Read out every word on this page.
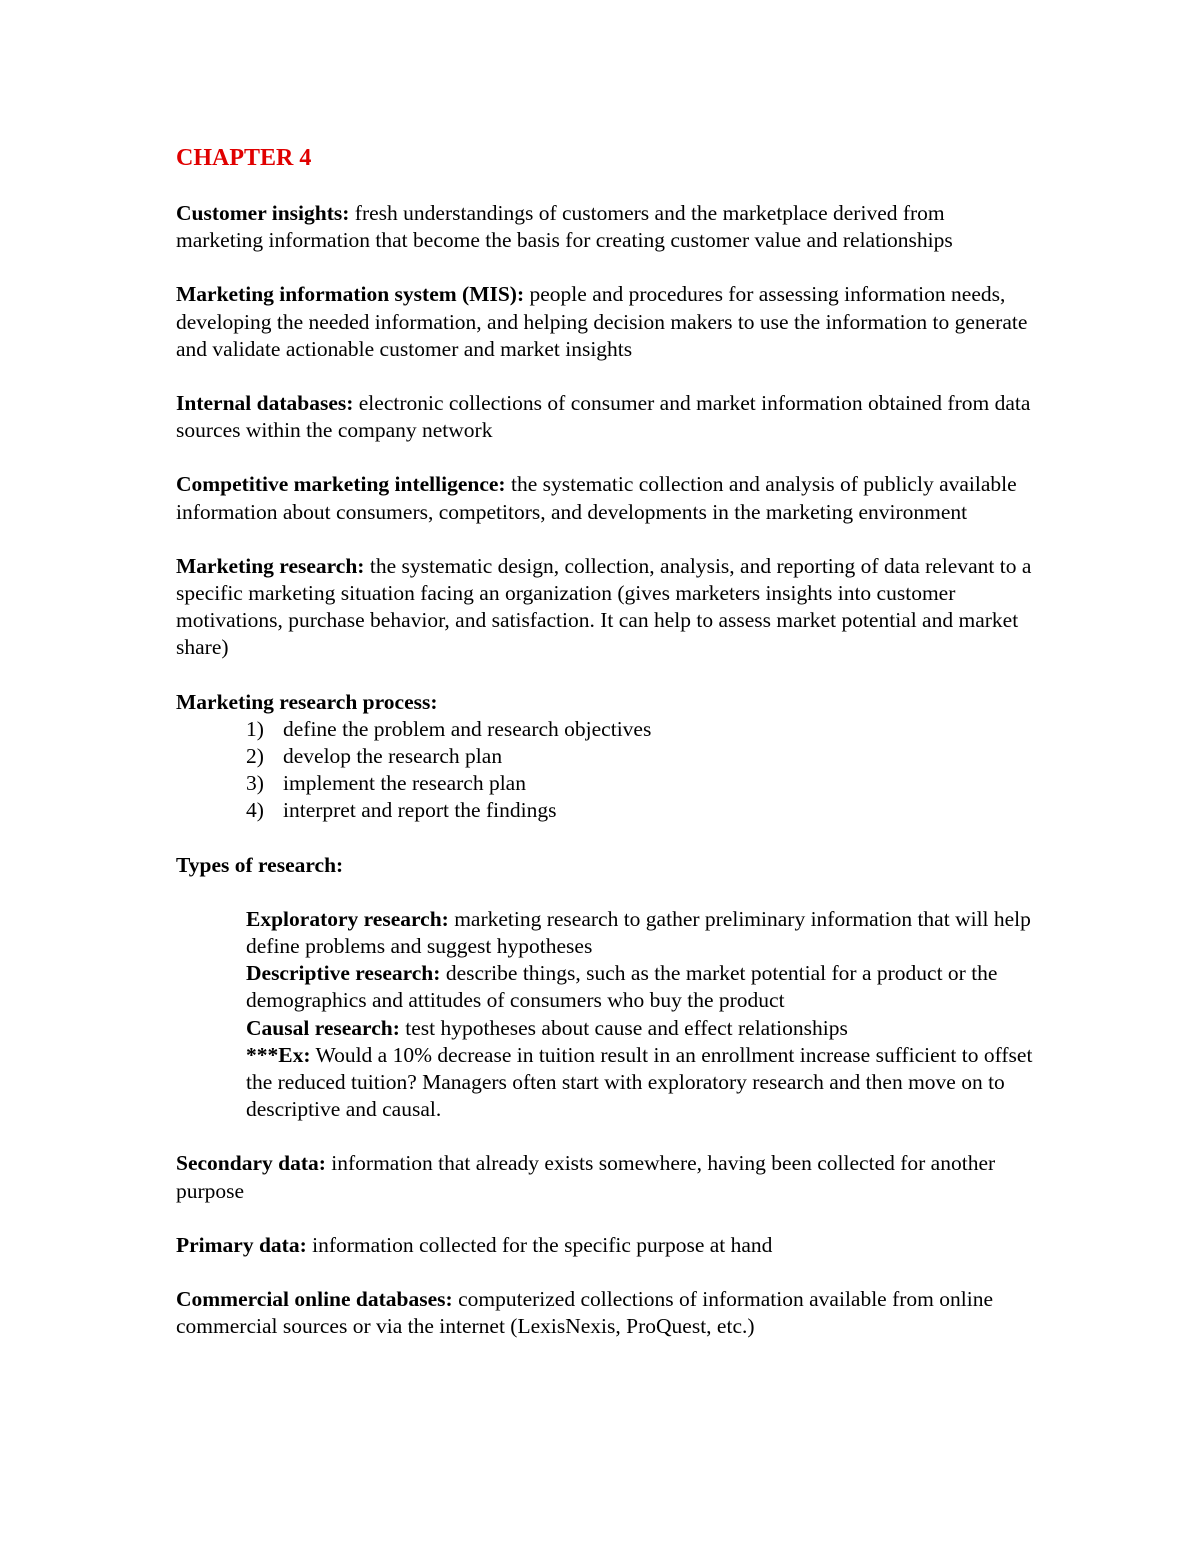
CHAPTER 4

Customer insights: fresh understandings of customers and the marketplace derived from marketing information that become the basis for creating customer value and relationships

Marketing information system (MIS): people and procedures for assessing information needs, developing the needed information, and helping decision makers to use the information to generate and validate actionable customer and market insights

Internal databases: electronic collections of consumer and market information obtained from data sources within the company network

Competitive marketing intelligence: the systematic collection and analysis of publicly available information about consumers, competitors, and developments in the marketing environment

Marketing research: the systematic design, collection, analysis, and reporting of data relevant to a specific marketing situation facing an organization (gives marketers insights into customer motivations, purchase behavior, and satisfaction. It can help to assess market potential and market share)

Marketing research process:
1) define the problem and research objectives
2) develop the research plan
3) implement the research plan
4) interpret and report the findings
Types of research:

Exploratory research: marketing research to gather preliminary information that will help define problems and suggest hypotheses

Descriptive research: describe things, such as the market potential for a product or the demographics and attitudes of consumers who buy the product

Causal research: test hypotheses about cause and effect relationships

***Ex: Would a 10% decrease in tuition result in an enrollment increase sufficient to offset the reduced tuition? Managers often start with exploratory research and then move on to descriptive and causal.

Secondary data: information that already exists somewhere, having been collected for another purpose

Primary data: information collected for the specific purpose at hand

Commercial online databases: computerized collections of information available from online commercial sources or via the internet (LexisNexis, ProQuest, etc.)
